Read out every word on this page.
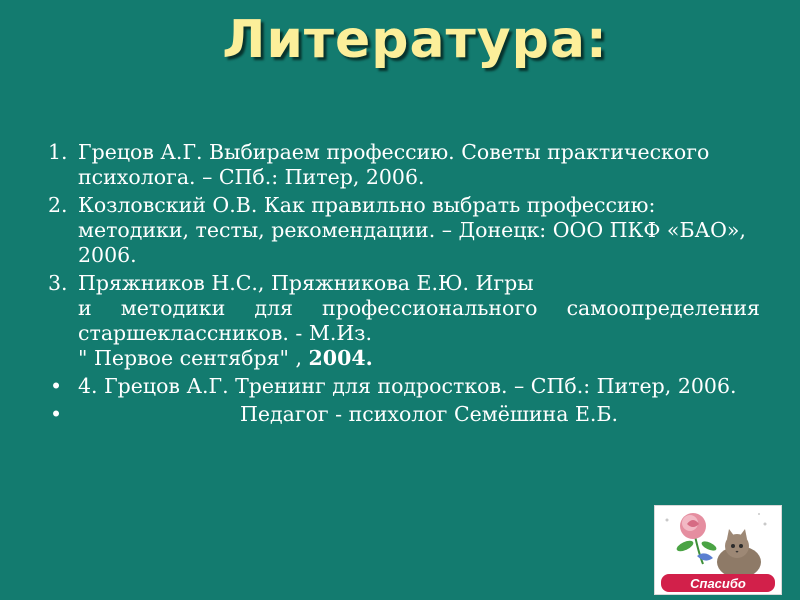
Литература:
1. Грецов А.Г. Выбираем профессию. Советы практического психолога. – СПб.: Питер, 2006.
2. Козловский О.В. Как правильно выбрать профессию: методики, тесты, рекомендации. – Донецк: ООО ПКФ «БАО», 2006.
3. Пряжников Н.С., Пряжникова Е.Ю. Игры
и методики для профессионального самоопределения старшеклассников. - М.Из.
" Первое сентября" , 2004.
• 4. Грецов А.Г. Тренинг для подростков. – СПб.: Питер, 2006.
•	Педагог - психолог Семёшина Е.Б.
Спасибо
